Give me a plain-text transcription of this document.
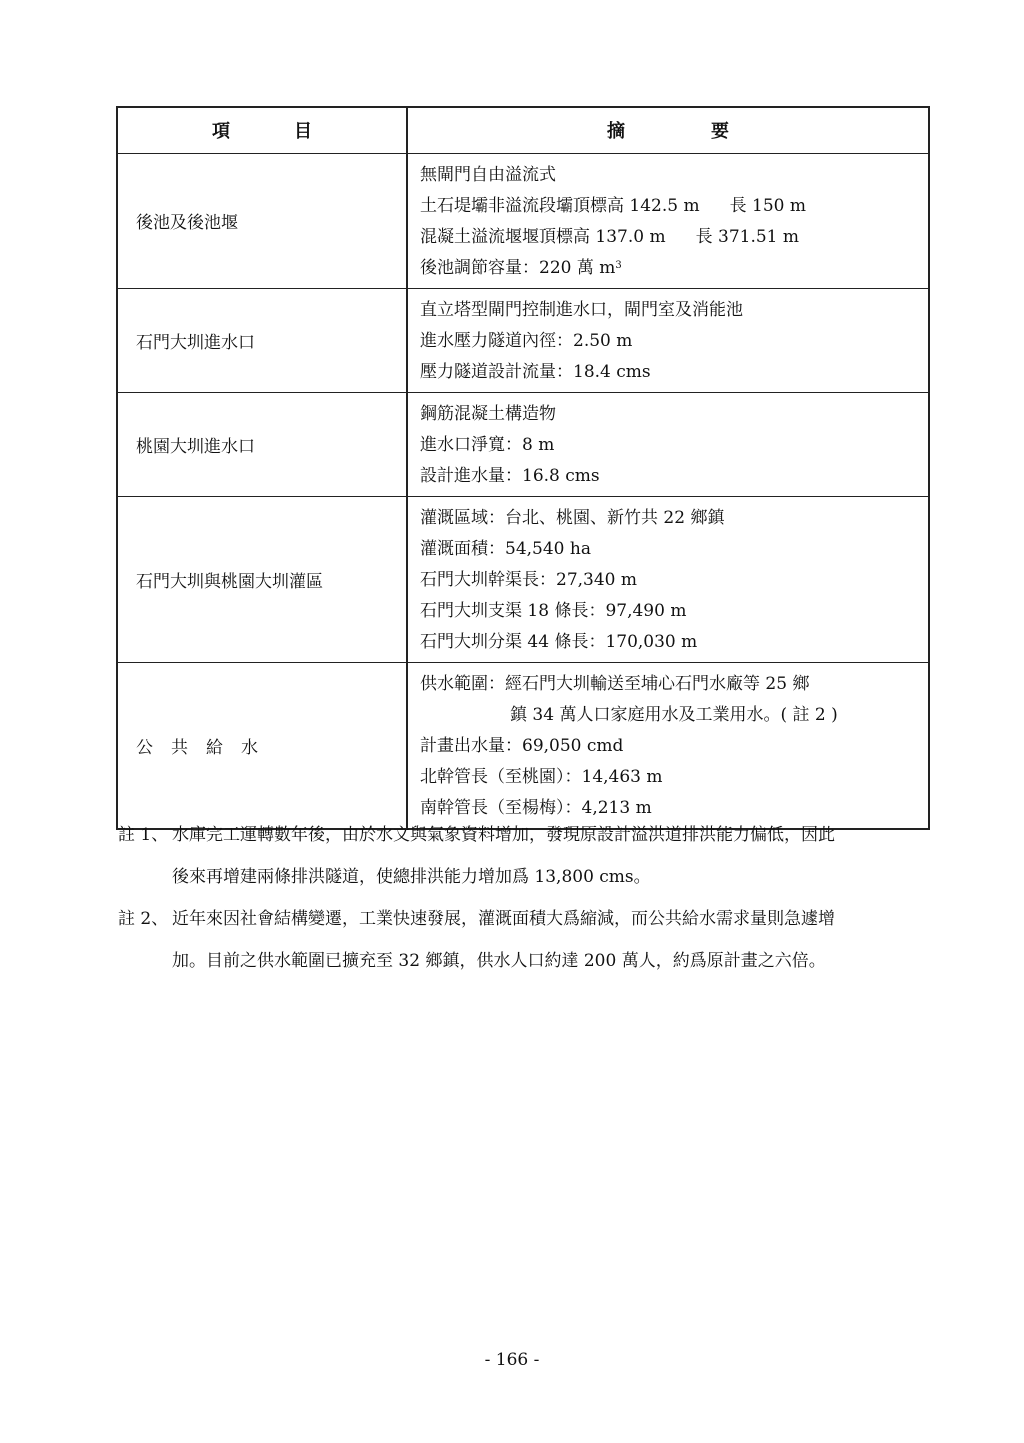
項 目	摘 要
後池及後池堰	無閘門自由溢流式
土石堤壩非溢流段壩頂標高 142.5 m 長 150 m
混凝土溢流堰堰頂標高 137.0 m 長 371.51 m
後池調節容量：220 萬 $m^3$

石門大圳進水口	直立塔型閘門控制進水口，閘門室及消能池
進水壓力隧道內徑：2.50 m
壓力隧道設計流量：18.4 cms

桃園大圳進水口	鋼筋混凝土構造物
進水口淨寬：8 m
設計進水量：16.8 cms

石門大圳與桃園大圳灌區	灌溉區域：台北、桃園、新竹共 22 鄉鎮
灌溉面積：54,540 ha
石門大圳幹渠長：27,340 m
石門大圳支渠 18 條長：97,490 m
石門大圳分渠 44 條長：170,030 m

公共給水	供水範圍：經石門大圳輸送至埔心石門水廠等 25 鄉
鎮 34 萬人口家庭用水及工業用水。( 註 2 )
計畫出水量：69,050 cmd
北幹管長（至桃園）：14,463 m
南幹管長（至楊梅）：4,213 m
註 1、 水庫完工運轉數年後，由於水文與氣象資料增加，發現原設計溢洪道排洪能力偏低，因此
後來再增建兩條排洪隧道，使總排洪能力增加爲 13,800 cms。
註 2、 近年來因社會結構變遷，工業快速發展，灌溉面積大爲縮減，而公共給水需求量則急遽增
加。目前之供水範圍已擴充至 32 鄉鎮，供水人口約達 200 萬人，約爲原計畫之六倍。
- 166 -
